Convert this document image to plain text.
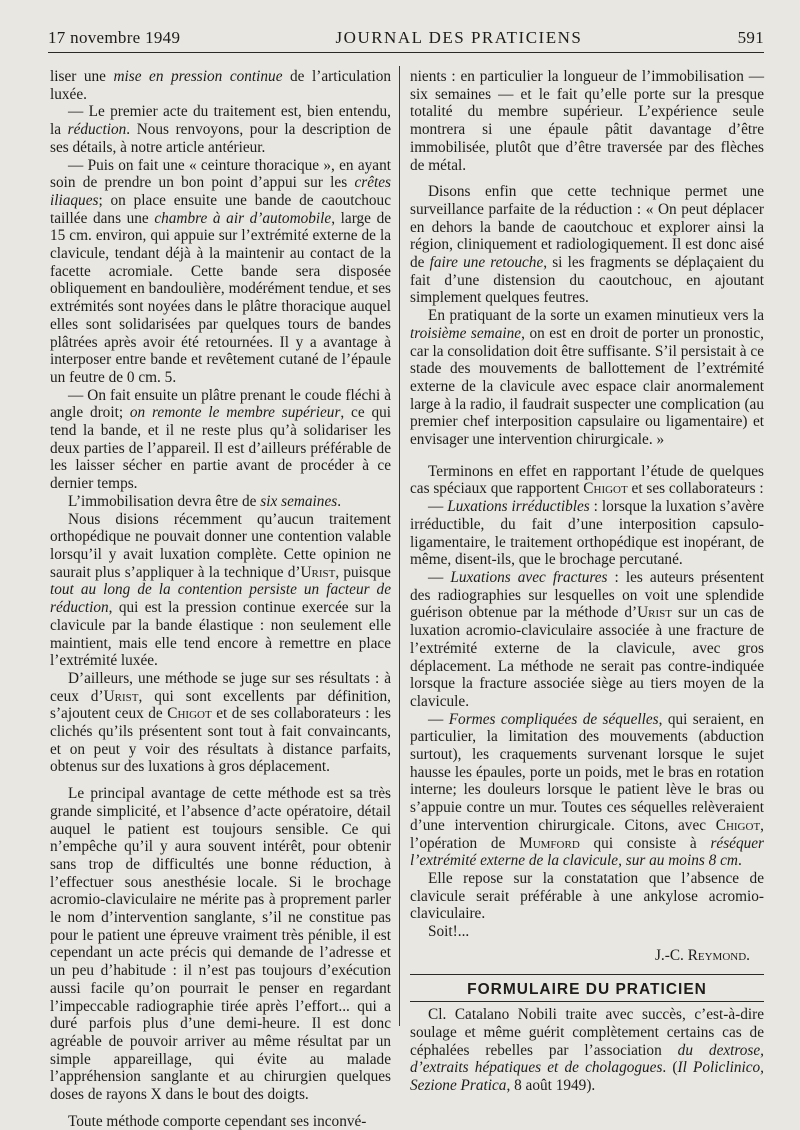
17 novembre 1949	JOURNAL DES PRATICIENS	591

liser une mise en pression continue de l’articulation luxée.

— Le premier acte du traitement est, bien entendu, la réduction. Nous renvoyons, pour la description de ses détails, à notre article antérieur.

— Puis on fait une « ceinture thoracique », en ayant soin de prendre un bon point d’appui sur les crêtes iliaques; on place ensuite une bande de caoutchouc taillée dans une chambre à air d’automobile, large de 15 cm. environ, qui appuie sur l’extrémité externe de la clavicule, tendant déjà à la maintenir au contact de la facette acromiale. Cette bande sera disposée obliquement en bandoulière, modérément tendue, et ses extrémités sont noyées dans le plâtre thoracique auquel elles sont solidarisées par quelques tours de bandes plâtrées après avoir été retournées. Il y a avantage à interposer entre bande et revêtement cutané de l’épaule un feutre de 0 cm. 5.

— On fait ensuite un plâtre prenant le coude fléchi à angle droit; on remonte le membre supérieur, ce qui tend la bande, et il ne reste plus qu’à solidariser les deux parties de l’appareil. Il est d’ailleurs préférable de les laisser sécher en partie avant de procéder à ce dernier temps.

L’immobilisation devra être de six semaines.

Nous disions récemment qu’aucun traitement orthopédique ne pouvait donner une contention valable lorsqu’il y avait luxation complète. Cette opinion ne saurait plus s’appliquer à la technique d’Urist, puisque tout au long de la contention persiste un facteur de réduction, qui est la pression continue exercée sur la clavicule par la bande élastique : non seulement elle maintient, mais elle tend encore à remettre en place l’extrémité luxée.

D’ailleurs, une méthode se juge sur ses résultats : à ceux d’Urist, qui sont excellents par définition, s’ajoutent ceux de Chigot et de ses collaborateurs : les clichés qu’ils présentent sont tout à fait convaincants, et on peut y voir des résultats à distance parfaits, obtenus sur des luxations à gros déplacement.

Le principal avantage de cette méthode est sa très grande simplicité, et l’absence d’acte opératoire, détail auquel le patient est toujours sensible. Ce qui n’empêche qu’il y aura souvent intérêt, pour obtenir sans trop de difficultés une bonne réduction, à l’effectuer sous anesthésie locale. Si le brochage acromio-claviculaire ne mérite pas à proprement parler le nom d’intervention sanglante, s’il ne constitue pas pour le patient une épreuve vraiment très pénible, il est cependant un acte précis qui demande de l’adresse et un peu d’habitude : il n’est pas toujours d’exécution aussi facile qu’on pourrait le penser en regardant l’impeccable radiographie tirée après l’effort... qui a duré parfois plus d’une demi-heure. Il est donc agréable de pouvoir arriver au même résultat par un simple appareillage, qui évite au malade l’appréhension sanglante et au chirurgien quelques doses de rayons X dans le bout des doigts.

Toute méthode comporte cependant ses inconvé-

nients : en particulier la longueur de l’immobilisation — six semaines — et le fait qu’elle porte sur la presque totalité du membre supérieur. L’expérience seule montrera si une épaule pâtit davantage d’être immobilisée, plutôt que d’être traversée par des flèches de métal.

Disons enfin que cette technique permet une surveillance parfaite de la réduction : « On peut déplacer en dehors la bande de caoutchouc et explorer ainsi la région, cliniquement et radiologiquement. Il est donc aisé de faire une retouche, si les fragments se déplaçaient du fait d’une distension du caoutchouc, en ajoutant simplement quelques feutres.

En pratiquant de la sorte un examen minutieux vers la troisième semaine, on est en droit de porter un pronostic, car la consolidation doit être suffisante. S’il persistait à ce stade des mouvements de ballottement de l’extrémité externe de la clavicule avec espace clair anormalement large à la radio, il faudrait suspecter une complication (au premier chef interposition capsulaire ou ligamentaire) et envisager une intervention chirurgicale. »

Terminons en effet en rapportant l’étude de quelques cas spéciaux que rapportent Chigot et ses collaborateurs :

— Luxations irréductibles : lorsque la luxation s’avère irréductible, du fait d’une interposition capsulo-ligamentaire, le traitement orthopédique est inopérant, de même, disent-ils, que le brochage percutané.

— Luxations avec fractures : les auteurs présentent des radiographies sur lesquelles on voit une splendide guérison obtenue par la méthode d’Urist sur un cas de luxation acromio-claviculaire associée à une fracture de l’extrémité externe de la clavicule, avec gros déplacement. La méthode ne serait pas contre-indiquée lorsque la fracture associée siège au tiers moyen de la clavicule.

— Formes compliquées de séquelles, qui seraient, en particulier, la limitation des mouvements (abduction surtout), les craquements survenant lorsque le sujet hausse les épaules, porte un poids, met le bras en rotation interne; les douleurs lorsque le patient lève le bras ou s’appuie contre un mur. Toutes ces séquelles relèveraient d’une intervention chirurgicale. Citons, avec Chigot, l’opération de Mumford qui consiste à réséquer l’extrémité externe de la clavicule, sur au moins 8 cm.

Elle repose sur la constatation que l’absence de clavicule serait préférable à une ankylose acromio-claviculaire.

Soit!...

J.-C. Reymond.

FORMULAIRE DU PRATICIEN

Cl. Catalano Nobili traite avec succès, c’est-à-dire soulage et même guérit complètement certains cas de céphalées rebelles par l’association du dextrose, d’extraits hépatiques et de cholagogues. (Il Policlinico, Sezione Pratica, 8 août 1949).
